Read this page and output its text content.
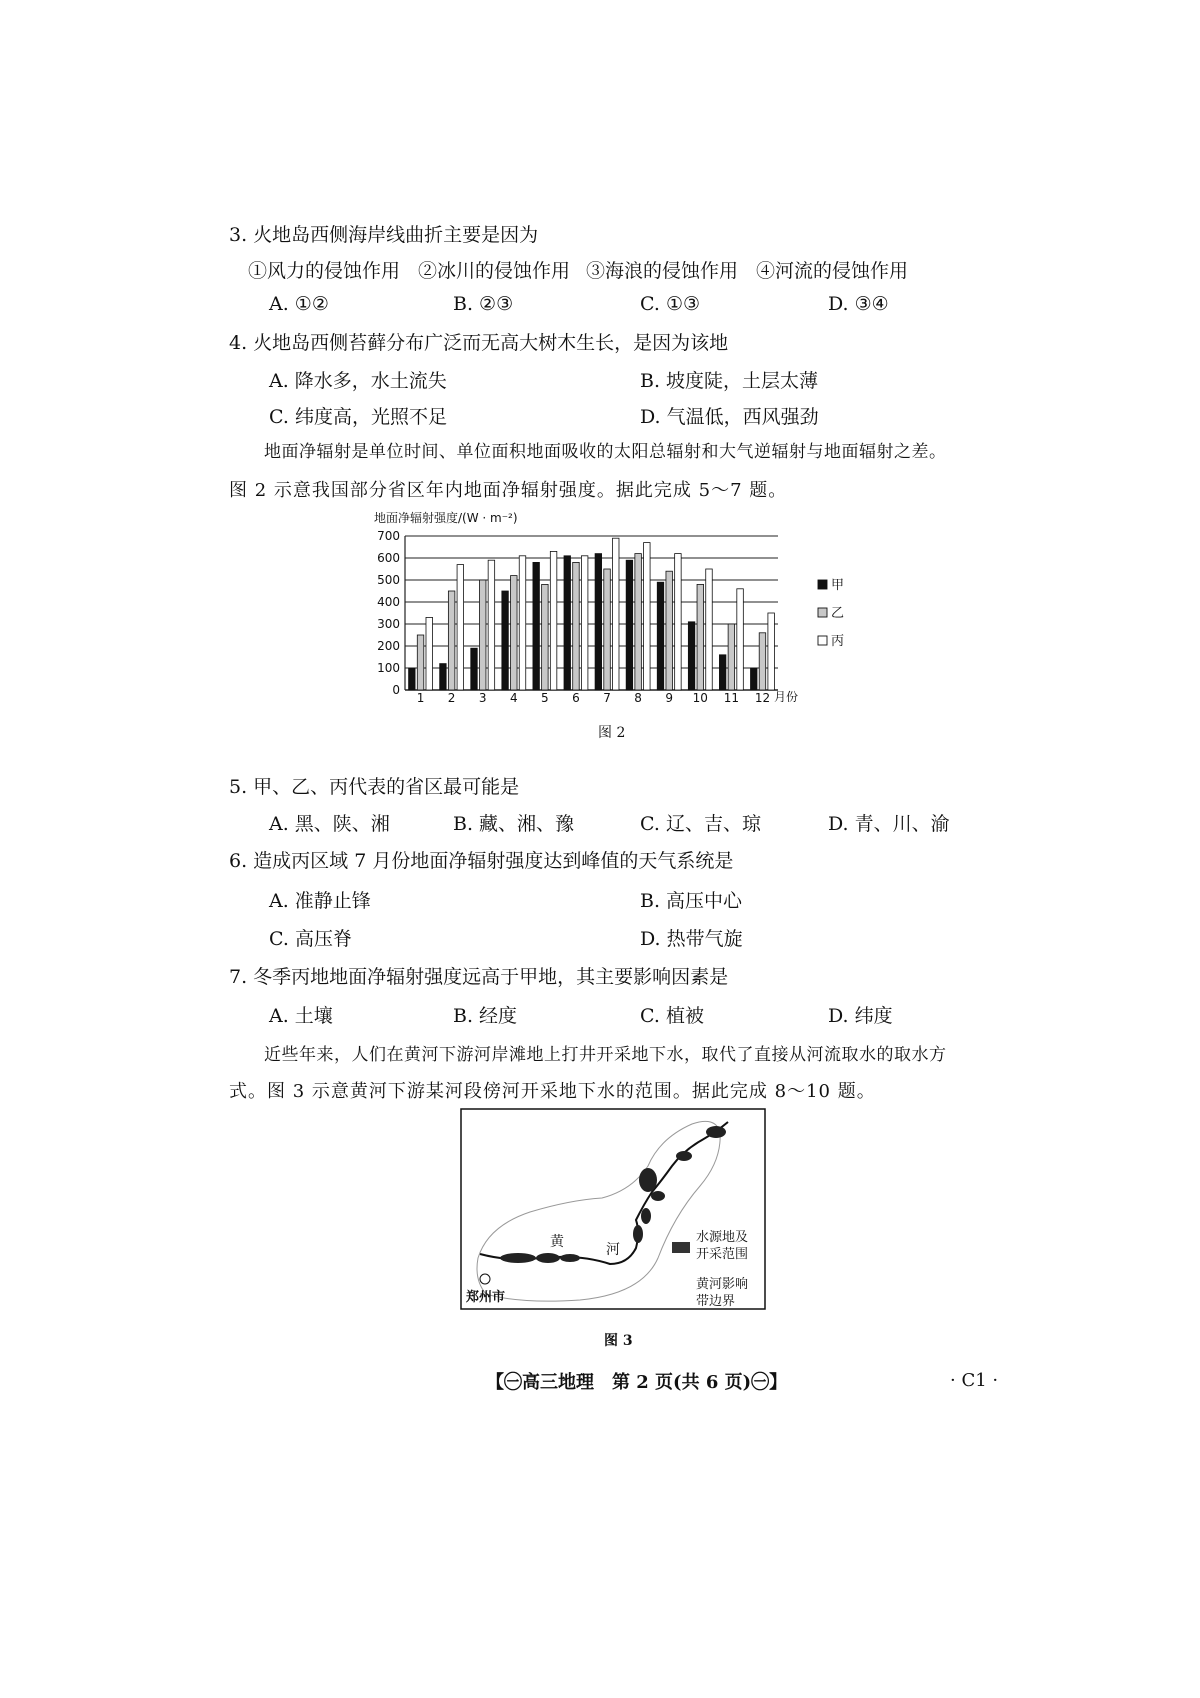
3. 火地岛西侧海岸线曲折主要是因为
①风力的侵蚀作用 ②冰川的侵蚀作用 ③海浪的侵蚀作用 ④河流的侵蚀作用
A. ①②	B. ②③	C. ①③	D. ③④
4. 火地岛西侧苔藓分布广泛而无高大树木生长，是因为该地
A. 降水多，水土流失	B. 坡度陡，土层太薄
C. 纬度高，光照不足	D. 气温低，西风强劲
地面净辐射是单位时间、单位面积地面吸收的太阳总辐射和大气逆辐射与地面辐射之差。
图 2 示意我国部分省区年内地面净辐射强度。据此完成 5～7 题。
地面净辐射强度/(W · m⁻²)
0
100
200
300
400
500
600
700
1 2 3 4 5 6 7 8 9 10 11 12 月份
甲
乙
丙
图 2
5. 甲、乙、丙代表的省区最可能是
A. 黑、陕、湘	B. 藏、湘、豫	C. 辽、吉、琼	D. 青、川、渝
6. 造成丙区域 7 月份地面净辐射强度达到峰值的天气系统是
A. 准静止锋	B. 高压中心
C. 高压脊	D. 热带气旋
7. 冬季丙地地面净辐射强度远高于甲地，其主要影响因素是
A. 土壤	B. 经度	C. 植被	D. 纬度
近些年来，人们在黄河下游河岸滩地上打井开采地下水，取代了直接从河流取水的取水方
式。图 3 示意黄河下游某河段傍河开采地下水的范围。据此完成 8～10 题。
黄	河
郑州市
水源地及
开采范围
黄河影响
带边界
图 3
【㊀高三地理　第 2 页(共 6 页)㊀】	· C1 ·
